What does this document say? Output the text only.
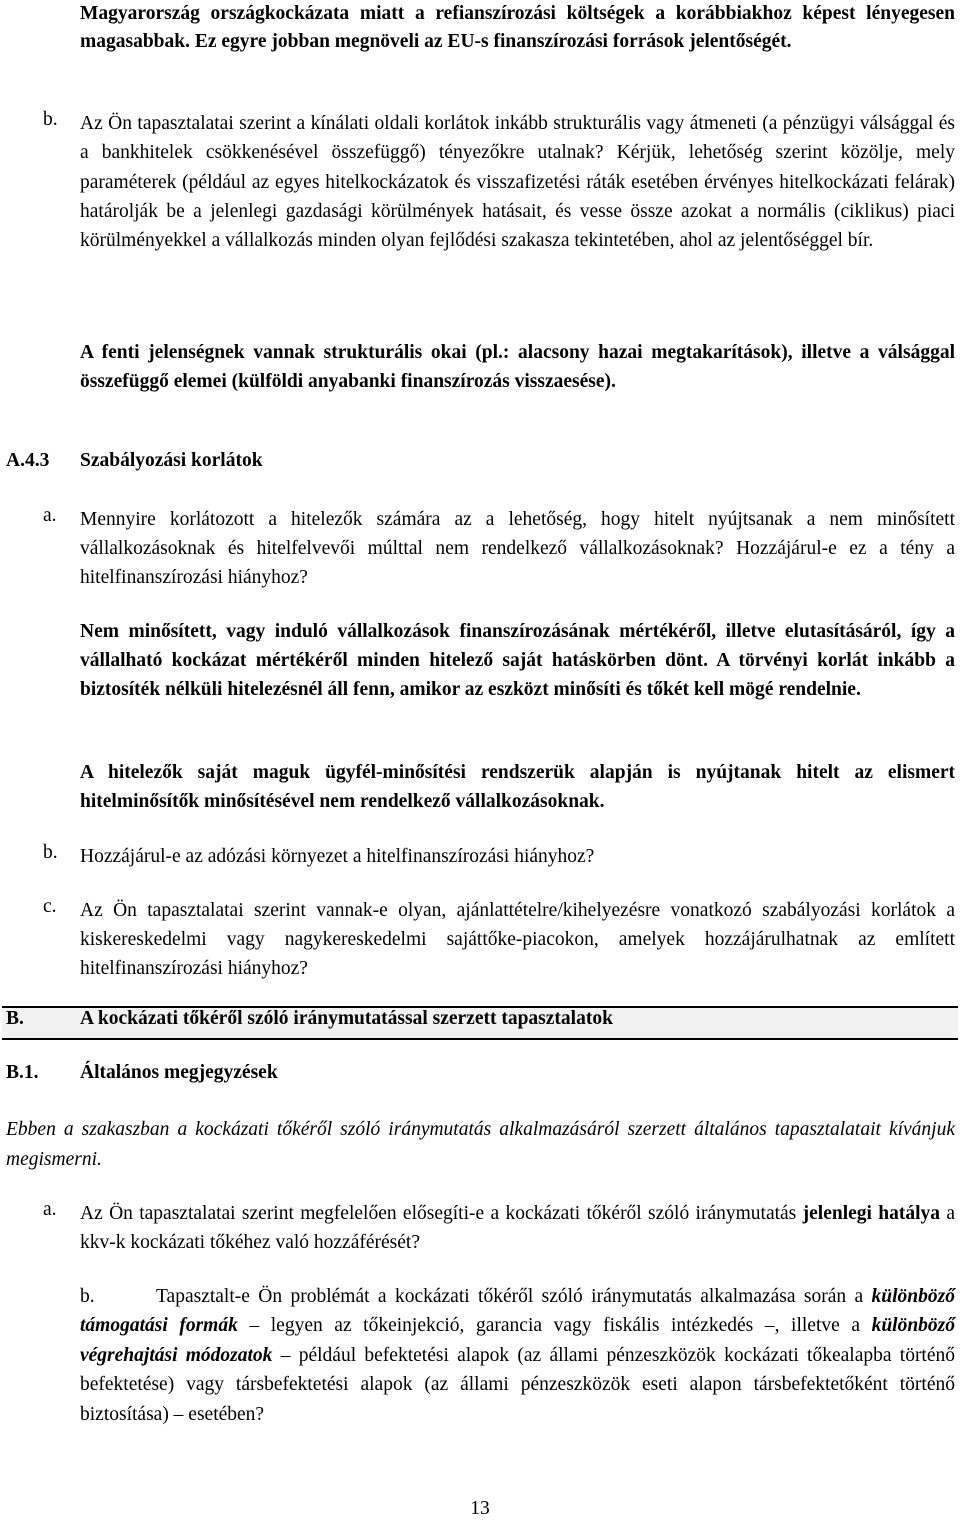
Magyarország országkockázata miatt a refianszírozási költségek a korábbiakhoz képest lényegesen magasabbak. Ez egyre jobban megnöveli az EU-s finanszírozási források jelentőségét.
b. Az Ön tapasztalatai szerint a kínálati oldali korlátok inkább strukturális vagy átmeneti (a pénzügyi válsággal és a bankhitelek csökkenésével összefüggő) tényezőkre utalnak? Kérjük, lehetőség szerint közölje, mely paraméterek (például az egyes hitelkockázatok és visszafizetési ráták esetében érvényes hitelkockázati felárak) határolják be a jelenlegi gazdasági körülmények hatásait, és vesse össze azokat a normális (ciklikus) piaci körülményekkel a vállalkozás minden olyan fejlődési szakasza tekintetében, ahol az jelentőséggel bír.
A fenti jelenségnek vannak strukturális okai (pl.: alacsony hazai megtakarítások), illetve a válsággal összefüggő elemei (külföldi anyabanki finanszírozás visszaesése).
A.4.3 Szabályozási korlátok
a. Mennyire korlátozott a hitelezők számára az a lehetőség, hogy hitelt nyújtsanak a nem minősített vállalkozásoknak és hitelfelvevői múlttal nem rendelkező vállalkozásoknak? Hozzájárul-e ez a tény a hitelfinanszírozási hiányhoz?
Nem minősített, vagy induló vállalkozások finanszírozásának mértékéről, illetve elutasításáról, így a vállalható kockázat mértékéről minden hitelező saját hatáskörben dönt. A törvényi korlát inkább a biztosíték nélküli hitelezésnél áll fenn, amikor az eszközt minősíti és tőkét kell mögé rendelnie.
A hitelezők saját maguk ügyfél-minősítési rendszerük alapján is nyújtanak hitelt az elismert hitelminősítők minősítésével nem rendelkező vállalkozásoknak.
b. Hozzájárul-e az adózási környezet a hitelfinanszírozási hiányhoz?
c. Az Ön tapasztalatai szerint vannak-e olyan, ajánlattételre/kihelyezésre vonatkozó szabályozási korlátok a kiskereskedelmi vagy nagykereskedelmi sajáttőke-piacokon, amelyek hozzájárulhatnak az említett hitelfinanszírozási hiányhoz?
B.	A kockázati tőkéről szóló iránymutatással szerzett tapasztalatok
B.1. Általános megjegyzések
Ebben a szakaszban a kockázati tőkéről szóló iránymutatás alkalmazásáról szerzett általános tapasztalatait kívánjuk megismerni.
a. Az Ön tapasztalatai szerint megfelelően elősegíti-e a kockázati tőkéről szóló iránymutatás jelenlegi hatálya a kkv-k kockázati tőkéhez való hozzáférését?
b.	Tapasztalt-e Ön problémát a kockázati tőkéről szóló iránymutatás alkalmazása során a különböző támogatási formák – legyen az tőkeinjekció, garancia vagy fiskális intézkedés –, illetve a különböző végrehajtási módozatok – például befektetési alapok (az állami pénzeszközök kockázati tőkealapba történő befektetése) vagy társbefektetési alapok (az állami pénzeszközök eseti alapon társbefektetőként történő biztosítása) – esetében?
13
